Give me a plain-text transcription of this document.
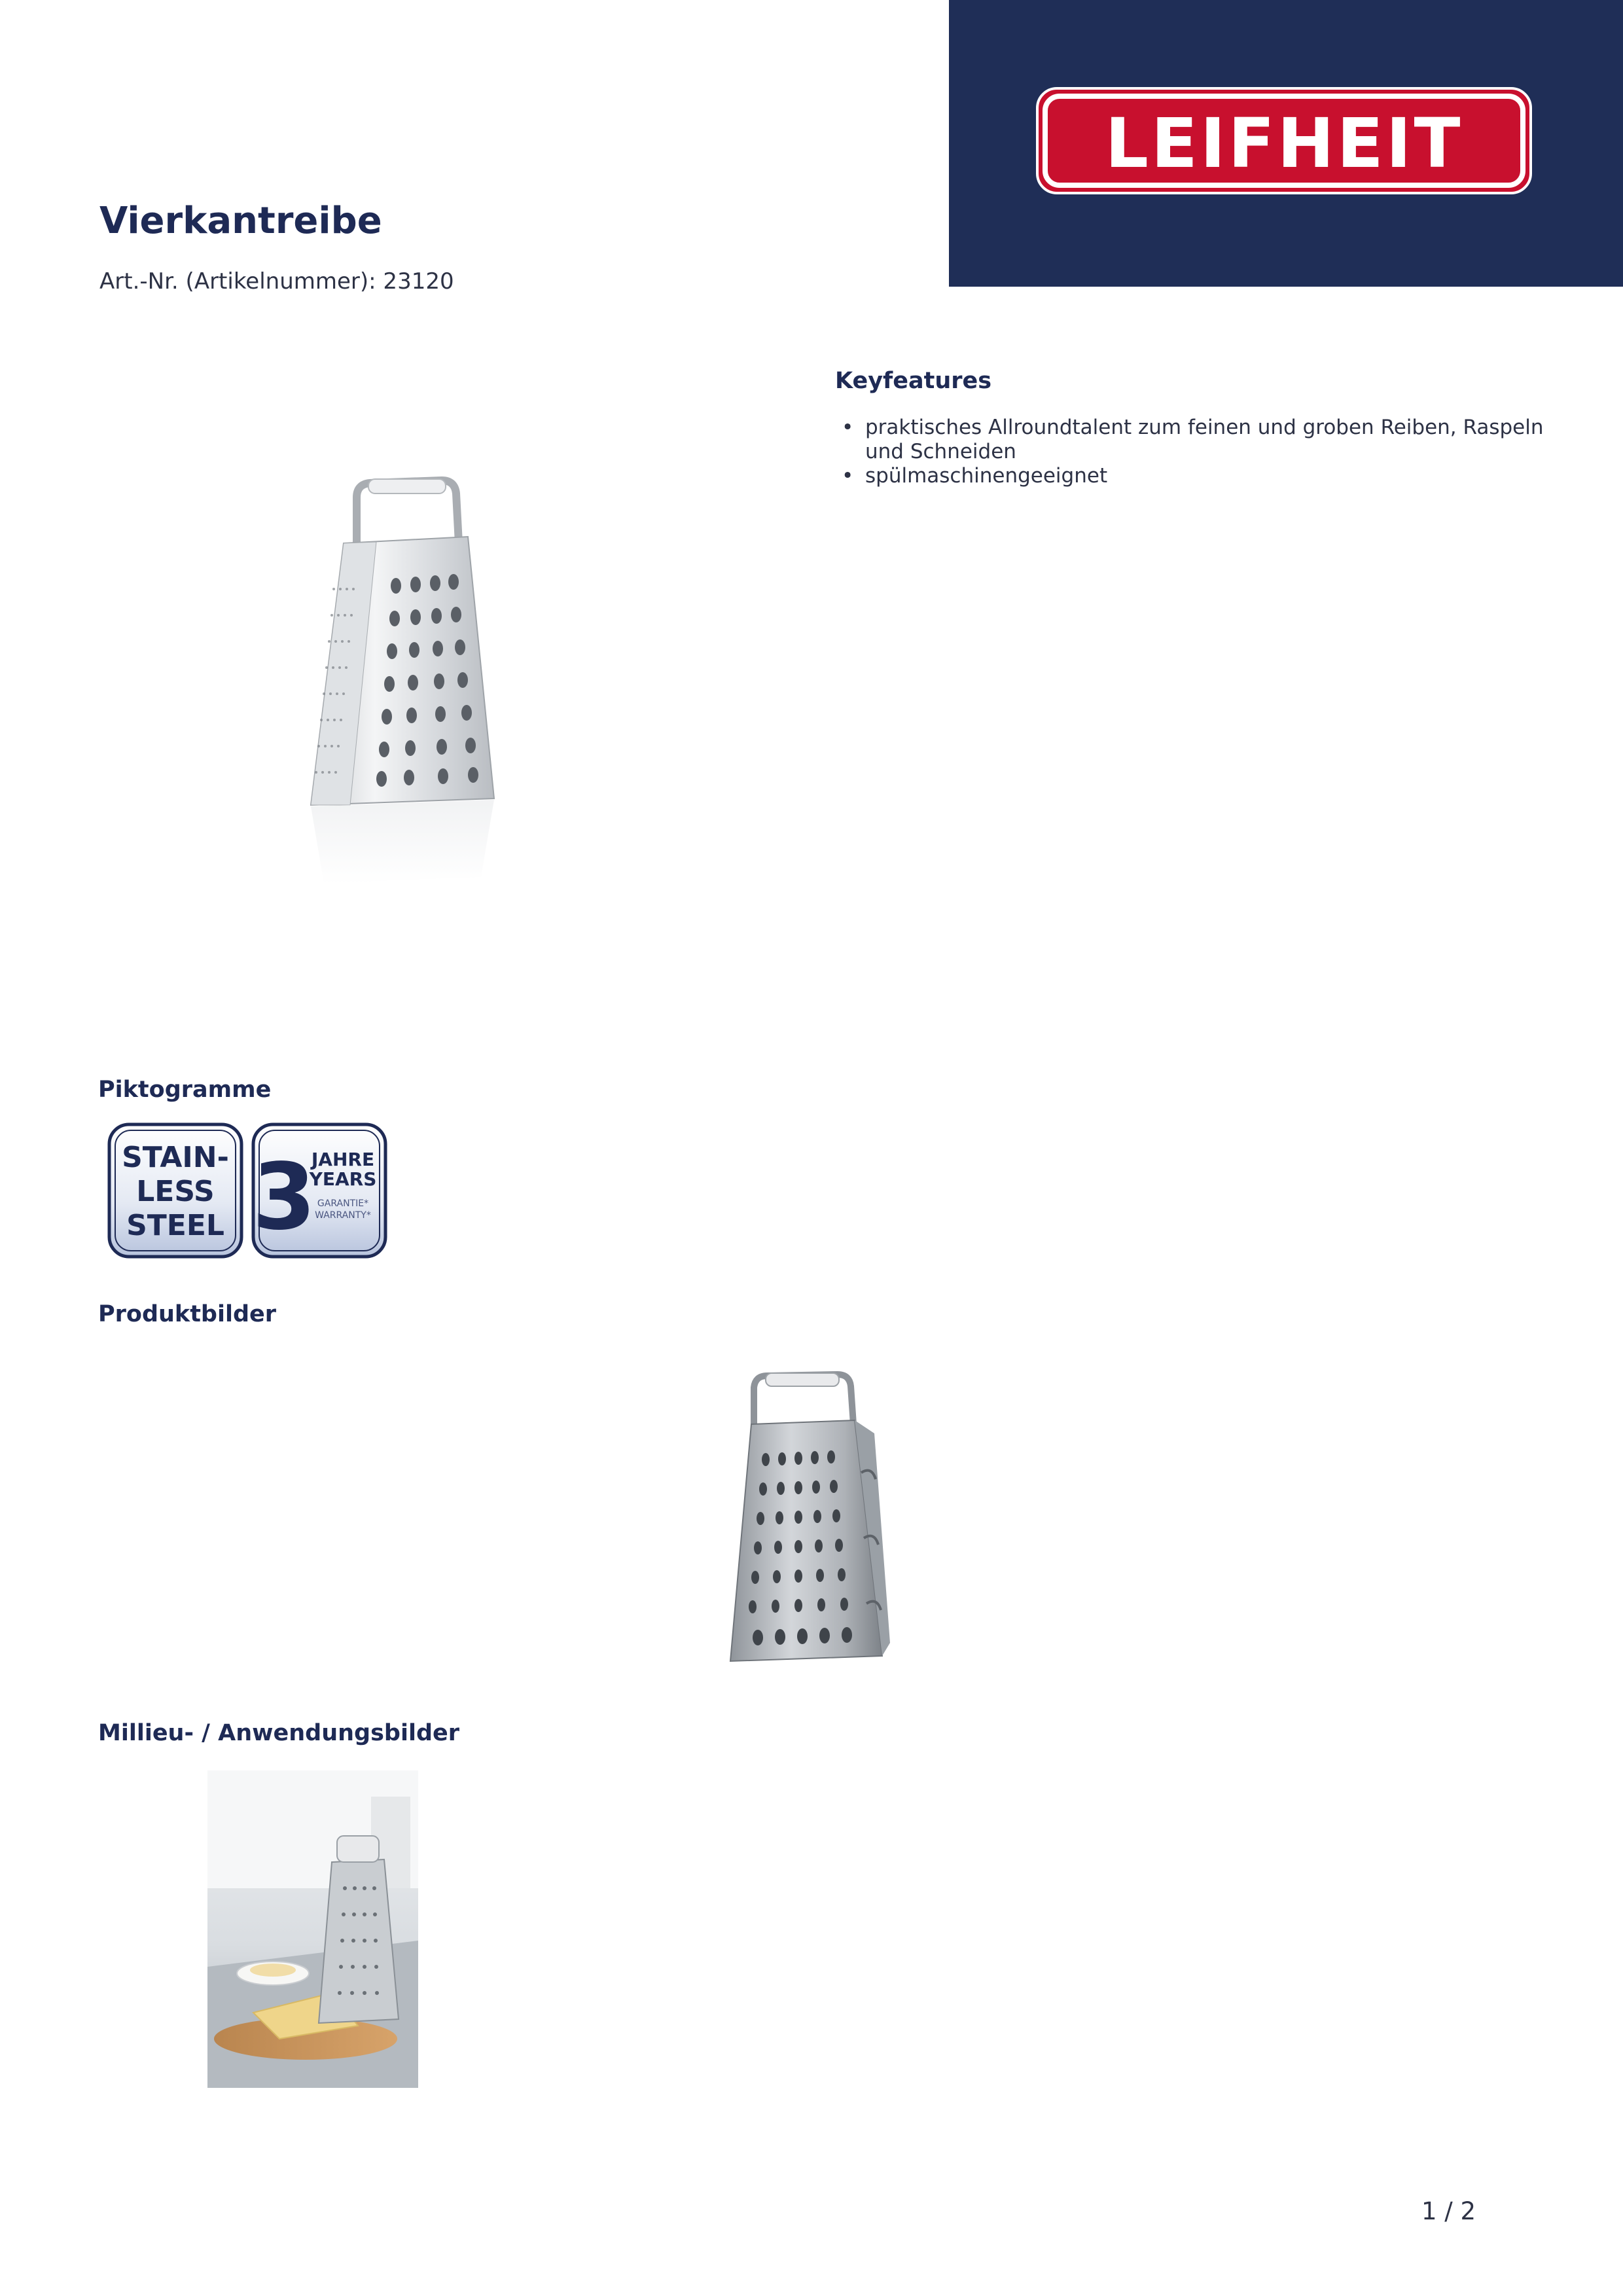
LEIFHEIT
Vierkantreibe
Art.-Nr. (Artikelnummer): 23120
Keyfeatures
• praktisches Allroundtalent zum feinen und groben Reiben, Raspeln und Schneiden
• spülmaschinengeeignet
Piktogramme
STAIN-
LESS
STEEL 3
JAHRE
YEARS
GARANTIE*
WARRANTY*
Produktbilder
Millieu- / Anwendungsbilder
1 / 2
